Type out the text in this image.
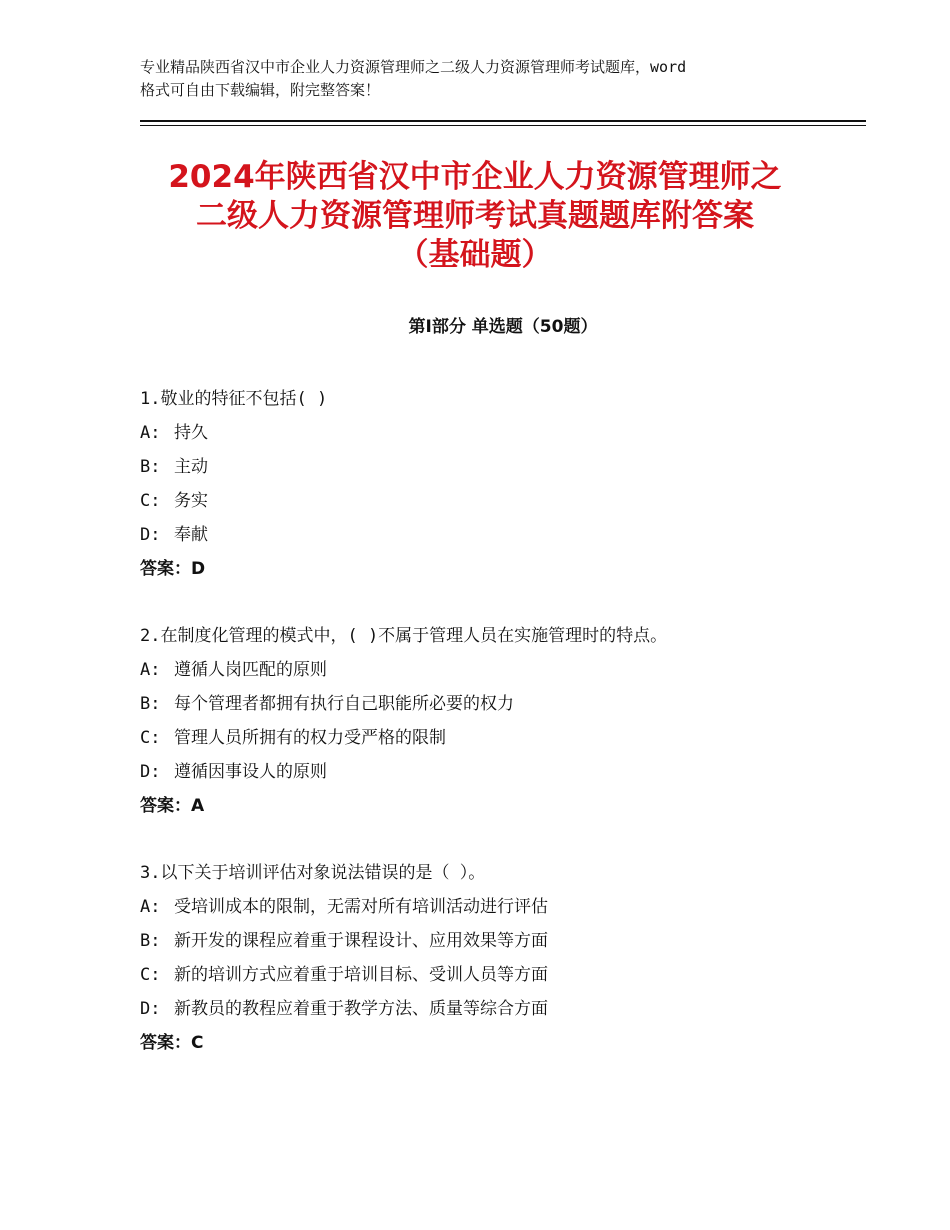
专业精品陕西省汉中市企业人力资源管理师之二级人力资源管理师考试题库，word
格式可自由下载编辑，附完整答案！
2024年陕西省汉中市企业人力资源管理师之
二级人力资源管理师考试真题题库附答案
（基础题）
第Ⅰ部分 单选题（50题）
1.敬业的特征不包括( )
A: 持久
B: 主动
C: 务实
D: 奉献
答案：D
2.在制度化管理的模式中，( )不属于管理人员在实施管理时的特点。
A: 遵循人岗匹配的原则
B: 每个管理者都拥有执行自己职能所必要的权力
C: 管理人员所拥有的权力受严格的限制
D: 遵循因事设人的原则
答案：A
3.以下关于培训评估对象说法错误的是（ ）。
A: 受培训成本的限制，无需对所有培训活动进行评估
B: 新开发的课程应着重于课程设计、应用效果等方面
C: 新的培训方式应着重于培训目标、受训人员等方面
D: 新教员的教程应着重于教学方法、质量等综合方面
答案：C
